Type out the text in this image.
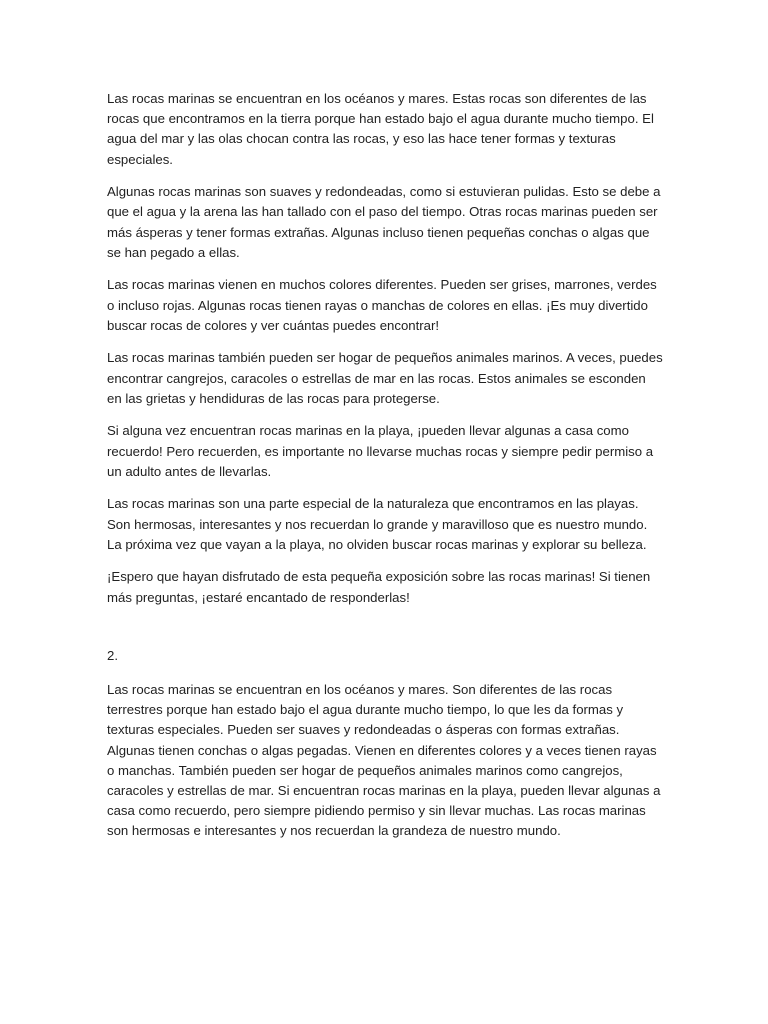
Las rocas marinas se encuentran en los océanos y mares. Estas rocas son diferentes de las rocas que encontramos en la tierra porque han estado bajo el agua durante mucho tiempo. El agua del mar y las olas chocan contra las rocas, y eso las hace tener formas y texturas especiales.

Algunas rocas marinas son suaves y redondeadas, como si estuvieran pulidas. Esto se debe a que el agua y la arena las han tallado con el paso del tiempo. Otras rocas marinas pueden ser más ásperas y tener formas extrañas. Algunas incluso tienen pequeñas conchas o algas que se han pegado a ellas.

Las rocas marinas vienen en muchos colores diferentes. Pueden ser grises, marrones, verdes o incluso rojas. Algunas rocas tienen rayas o manchas de colores en ellas. ¡Es muy divertido buscar rocas de colores y ver cuántas puedes encontrar!

Las rocas marinas también pueden ser hogar de pequeños animales marinos. A veces, puedes encontrar cangrejos, caracoles o estrellas de mar en las rocas. Estos animales se esconden en las grietas y hendiduras de las rocas para protegerse.

Si alguna vez encuentran rocas marinas en la playa, ¡pueden llevar algunas a casa como recuerdo! Pero recuerden, es importante no llevarse muchas rocas y siempre pedir permiso a un adulto antes de llevarlas.

Las rocas marinas son una parte especial de la naturaleza que encontramos en las playas. Son hermosas, interesantes y nos recuerdan lo grande y maravilloso que es nuestro mundo. La próxima vez que vayan a la playa, no olviden buscar rocas marinas y explorar su belleza.

¡Espero que hayan disfrutado de esta pequeña exposición sobre las rocas marinas! Si tienen más preguntas, ¡estaré encantado de responderlas!

2.

Las rocas marinas se encuentran en los océanos y mares. Son diferentes de las rocas terrestres porque han estado bajo el agua durante mucho tiempo, lo que les da formas y texturas especiales. Pueden ser suaves y redondeadas o ásperas con formas extrañas. Algunas tienen conchas o algas pegadas. Vienen en diferentes colores y a veces tienen rayas o manchas. También pueden ser hogar de pequeños animales marinos como cangrejos, caracoles y estrellas de mar. Si encuentran rocas marinas en la playa, pueden llevar algunas a casa como recuerdo, pero siempre pidiendo permiso y sin llevar muchas. Las rocas marinas son hermosas e interesantes y nos recuerdan la grandeza de nuestro mundo.
